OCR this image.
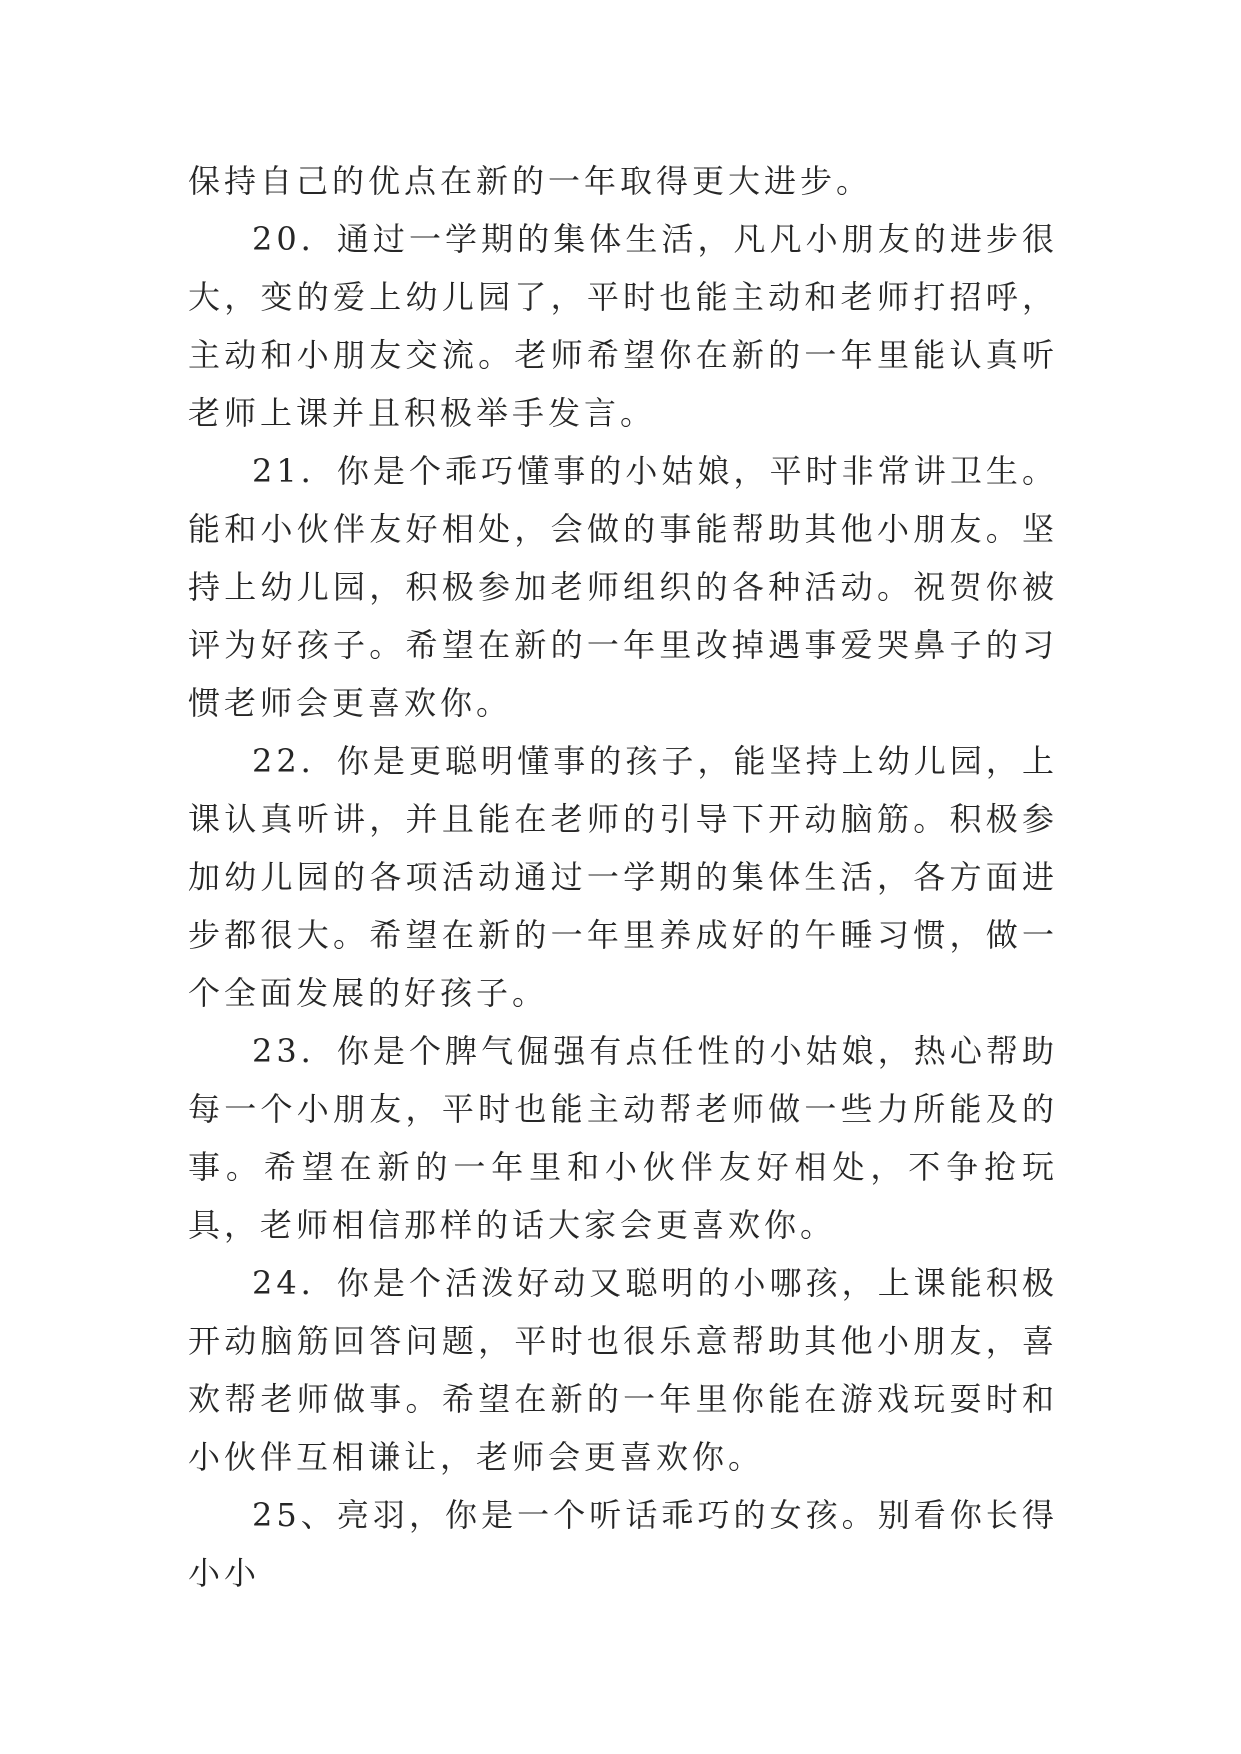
保持自己的优点在新的一年取得更大进步。

20．通过一学期的集体生活，凡凡小朋友的进步很大，变的爱上幼儿园了，平时也能主动和老师打招呼，主动和小朋友交流。老师希望你在新的一年里能认真听老师上课并且积极举手发言。

21．你是个乖巧懂事的小姑娘，平时非常讲卫生。能和小伙伴友好相处，会做的事能帮助其他小朋友。坚持上幼儿园，积极参加老师组织的各种活动。祝贺你被评为好孩子。希望在新的一年里改掉遇事爱哭鼻子的习惯老师会更喜欢你。

22．你是更聪明懂事的孩子，能坚持上幼儿园，上课认真听讲，并且能在老师的引导下开动脑筋。积极参加幼儿园的各项活动通过一学期的集体生活，各方面进步都很大。希望在新的一年里养成好的午睡习惯，做一个全面发展的好孩子。

23．你是个脾气倔强有点任性的小姑娘，热心帮助每一个小朋友，平时也能主动帮老师做一些力所能及的事。希望在新的一年里和小伙伴友好相处，不争抢玩具，老师相信那样的话大家会更喜欢你。

24．你是个活泼好动又聪明的小哪孩，上课能积极开动脑筋回答问题，平时也很乐意帮助其他小朋友，喜欢帮老师做事。希望在新的一年里你能在游戏玩耍时和小伙伴互相谦让，老师会更喜欢你。

25、亮羽，你是一个听话乖巧的女孩。别看你长得小小
